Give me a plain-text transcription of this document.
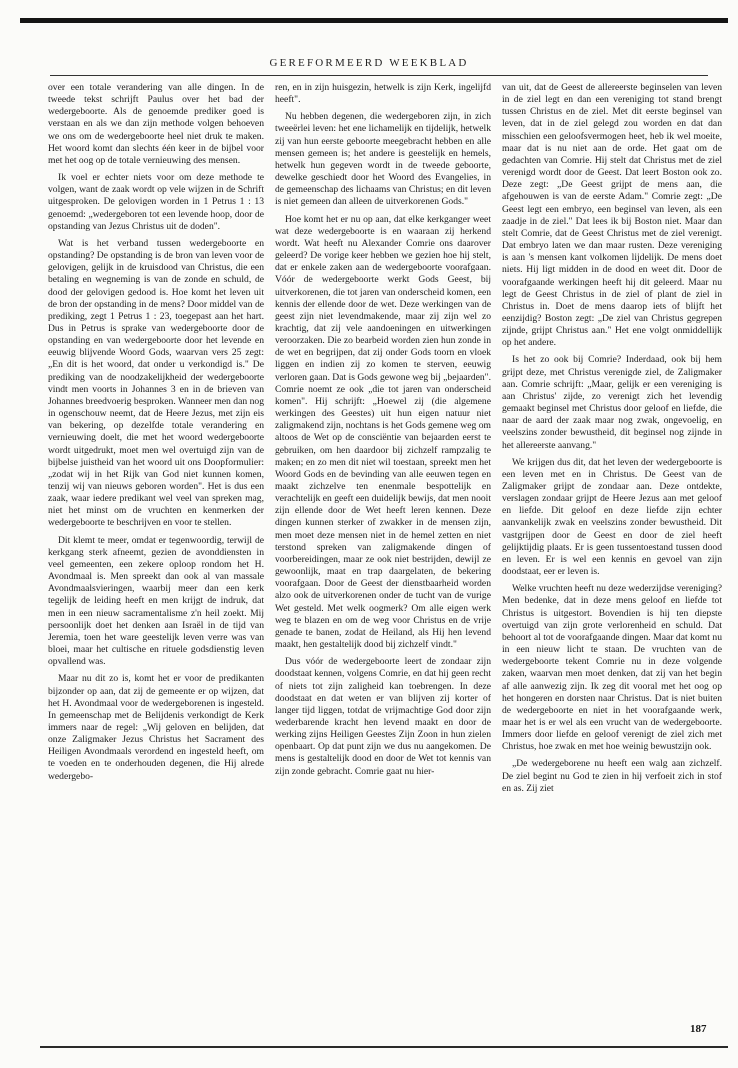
GEREFORMEERD WEEKBLAD

over een totale verandering van alle dingen. In de tweede tekst schrijft Paulus over het bad der wedergeboorte. Als de genoemde prediker goed is verstaan en als we dan zijn methode volgen behoeven we ons om de wedergeboorte heel niet druk te maken. Het woord komt dan slechts één keer in de bijbel voor met het oog op de totale vernieuwing des mensen.

Ik voel er echter niets voor om deze methode te volgen, want de zaak wordt op vele wijzen in de Schrift uitgesproken. De gelovigen worden in 1 Petrus 1 : 13 genoemd: „wedergeboren tot een levende hoop, door de opstanding van Jezus Christus uit de doden".

Wat is het verband tussen wedergeboorte en opstanding? De opstanding is de bron van leven voor de gelovigen, gelijk in de kruisdood van Christus, die een betaling en wegneming is van de zonde en schuld, de dood der gelovigen gedood is. Hoe komt het leven uit de bron der opstanding in de mens? Door middel van de prediking, zegt 1 Petrus 1 : 23, toegepast aan het hart. Dus in Petrus is sprake van wedergeboorte door de opstanding en van wedergeboorte door het levende en eeuwig blijvende Woord Gods, waarvan vers 25 zegt: „En dit is het woord, dat onder u verkondigd is." De prediking van de noodzakelijkheid der wedergeboorte vindt men voorts in Johannes 3 en in de brieven van Johannes breedvoerig besproken. Wanneer men dan nog in ogenschouw neemt, dat de Heere Jezus, met zijn eis van bekering, op dezelfde totale verandering en vernieuwing doelt, die met het woord wedergeboorte wordt uitgedrukt, moet men wel overtuigd zijn van de bijbelse juistheid van het woord uit ons Doopformulier: „zodat wij in het Rijk van God niet kunnen komen, tenzij wij van nieuws geboren worden". Het is dus een zaak, waar iedere predikant wel veel van spreken mag, niet het minst om de vruchten en kenmerken der wedergeboorte te beschrijven en voor te stellen.

Dit klemt te meer, omdat er tegenwoordig, terwijl de kerkgang sterk afneemt, gezien de avonddiensten in veel gemeenten, een zekere oploop rondom het H. Avondmaal is. Men spreekt dan ook al van massale Avondmaalsvieringen, waarbij meer dan een kerk tegelijk de leiding heeft en men krijgt de indruk, dat men in een nieuw sacramentalisme z'n heil zoekt. Mij persoonlijk doet het denken aan Israël in de tijd van Jeremia, toen het ware geestelijk leven verre was van bloei, maar het cultische en rituele godsdienstig leven opvallend was.

Maar nu dit zo is, komt het er voor de predikanten bijzonder op aan, dat zij de gemeente er op wijzen, dat het H. Avondmaal voor de wedergeborenen is ingesteld. In gemeenschap met de Belijdenis verkondigt de Kerk immers naar de regel: „Wij geloven en belijden, dat onze Zaligmaker Jezus Christus het Sacrament des Heiligen Avondmaals verordend en ingesteld heeft, om te voeden en te onderhouden degenen, die Hij alrede wedergebo-

ren, en in zijn huisgezin, hetwelk is zijn Kerk, ingelijfd heeft".

Nu hebben degenen, die wedergeboren zijn, in zich tweeërlei leven: het ene lichamelijk en tijdelijk, hetwelk zij van hun eerste geboorte meegebracht hebben en alle mensen gemeen is; het andere is geestelijk en hemels, hetwelk hun gegeven wordt in de tweede geboorte, dewelke geschiedt door het Woord des Evangelies, in de gemeenschap des lichaams van Christus; en dit leven is niet gemeen dan alleen de uitverkorenen Gods."

Hoe komt het er nu op aan, dat elke kerkganger weet wat deze wedergeboorte is en waaraan zij herkend wordt. Wat heeft nu Alexander Comrie ons daarover geleerd? De vorige keer hebben we gezien hoe hij stelt, dat er enkele zaken aan de wedergeboorte voorafgaan. Vóór de wedergeboorte werkt Gods Geest, bij uitverkorenen, die tot jaren van onderscheid komen, een kennis der ellende door de wet. Deze werkingen van de geest zijn niet levendmakende, maar zij zijn wel zo krachtig, dat zij vele aandoeningen en uitwerkingen veroorzaken. Die zo bearbeid worden zien hun zonde in de wet en begrijpen, dat zij onder Gods toorn en vloek liggen en indien zij zo komen te sterven, eeuwig verloren gaan. Dat is Gods gewone weg bij „bejaarden". Comrie noemt ze ook „die tot jaren van onderscheid komen". Hij schrijft: „Hoewel zij (die algemene werkingen des Geestes) uit hun eigen natuur niet zaligmakend zijn, nochtans is het Gods gemene weg om altoos de Wet op de consciëntie van bejaarden eerst te gebruiken, om hen daardoor bij zichzelf rampzalig te maken; en zo men dit niet wil toestaan, spreekt men het Woord Gods en de bevinding van alle eeuwen tegen en maakt zichzelve ten enenmale bespottelijk en verachtelijk en geeft een duidelijk bewijs, dat men nooit zijn ellende door de Wet heeft leren kennen. Deze dingen kunnen sterker of zwakker in de mensen zijn, men moet deze mensen niet in de hemel zetten en niet terstond spreken van zaligmakende dingen of voorbereidingen, maar ze ook niet bestrijden, dewijl ze gewoonlijk, maat en trap daargelaten, de bekering voorafgaan. Door de Geest der dienstbaarheid worden alzo ook de uitverkorenen onder de tucht van de vurige Wet gesteld. Met welk oogmerk? Om alle eigen werk weg te blazen en om de weg voor Christus en de vrije genade te banen, zodat de Heiland, als Hij hen levend maakt, hen gestaltelijk dood bij zichzelf vindt."

Dus vóór de wedergeboorte leert de zondaar zijn doodstaat kennen, volgens Comrie, en dat hij geen recht of niets tot zijn zaligheid kan toebrengen. In deze doodstaat en dat weten er van blijven zij korter of langer tijd liggen, totdat de vrijmachtige God door zijn wederbarende kracht hen levend maakt en door de werking zijns Heiligen Geestes Zijn Zoon in hun zielen openbaart. Op dat punt zijn we dus nu aangekomen. De mens is gestaltelijk dood en door de Wet tot kennis van zijn zonde gebracht. Comrie gaat nu hier-

van uit, dat de Geest de allereerste beginselen van leven in de ziel legt en dan een vereniging tot stand brengt tussen Christus en de ziel. Met dit eerste beginsel van leven, dat in de ziel gelegd zou worden en dat dan misschien een geloofsvermogen heet, heb ik wel moeite, maar dat is nu niet aan de orde. Het gaat om de gedachten van Comrie. Hij stelt dat Christus met de ziel verenigd wordt door de Geest. Dat leert Boston ook zo. Deze zegt: „De Geest grijpt de mens aan, die afgehouwen is van de eerste Adam." Comrie zegt: „De Geest legt een embryo, een beginsel van leven, als een zaadje in de ziel." Dat lees ik bij Boston niet. Maar dan stelt Comrie, dat de Geest Christus met de ziel verenigt. Dat embryo laten we dan maar rusten. Deze vereniging is aan 's mensen kant volkomen lijdelijk. De mens doet niets. Hij ligt midden in de dood en weet dit. Door de voorafgaande werkingen heeft hij dit geleerd. Maar nu legt de Geest Christus in de ziel of plant de ziel in Christus in. Doet de mens daarop iets of blijft het eenzijdig? Boston zegt: „De ziel van Christus gegrepen zijnde, grijpt Christus aan." Het ene volgt onmiddellijk op het andere.

Is het zo ook bij Comrie? Inderdaad, ook bij hem grijpt deze, met Christus verenigde ziel, de Zaligmaker aan. Comrie schrijft: „Maar, gelijk er een vereniging is aan Christus' zijde, zo verenigt zich het levendig gemaakt beginsel met Christus door geloof en liefde, die naar de aard der zaak maar nog zwak, ongevoelig, en veelszins zonder bewustheid, dit beginsel nog zijnde in het allereerste aanvang."

We krijgen dus dit, dat het leven der wedergeboorte is een leven met en in Christus. De Geest van de Zaligmaker grijpt de zondaar aan. Deze ontdekte, verslagen zondaar grijpt de Heere Jezus aan met geloof en liefde. Dit geloof en deze liefde zijn echter aanvankelijk zwak en veelszins zonder bewustheid. Dit vastgrijpen door de Geest en door de ziel heeft gelijktijdig plaats. Er is geen tussentoestand tussen dood en leven. Er is wel een kennis en gevoel van zijn doodstaat, eer er leven is.

Welke vruchten heeft nu deze wederzijdse vereniging? Men bedenke, dat in deze mens geloof en liefde tot Christus is uitgestort. Bovendien is hij ten diepste overtuigd van zijn grote verlorenheid en schuld. Dat behoort al tot de voorafgaande dingen. Maar dat komt nu in een nieuw licht te staan. De vruchten van de wedergeboorte tekent Comrie nu in deze volgende zaken, waarvan men moet denken, dat zij van het begin af alle aanwezig zijn. Ik zeg dit vooral met het oog op het hongeren en dorsten naar Christus. Dat is niet buiten de wedergeboorte en niet in het voorafgaande werk, maar het is er wel als een vrucht van de wedergeboorte. Immers door liefde en geloof verenigt de ziel zich met Christus, hoe zwak en met hoe weinig bewustzijn ook.

„De wedergeborene nu heeft een walg aan zichzelf. De ziel begint nu God te zien in hij verfoeit zich in stof en as. Zij ziet

187
